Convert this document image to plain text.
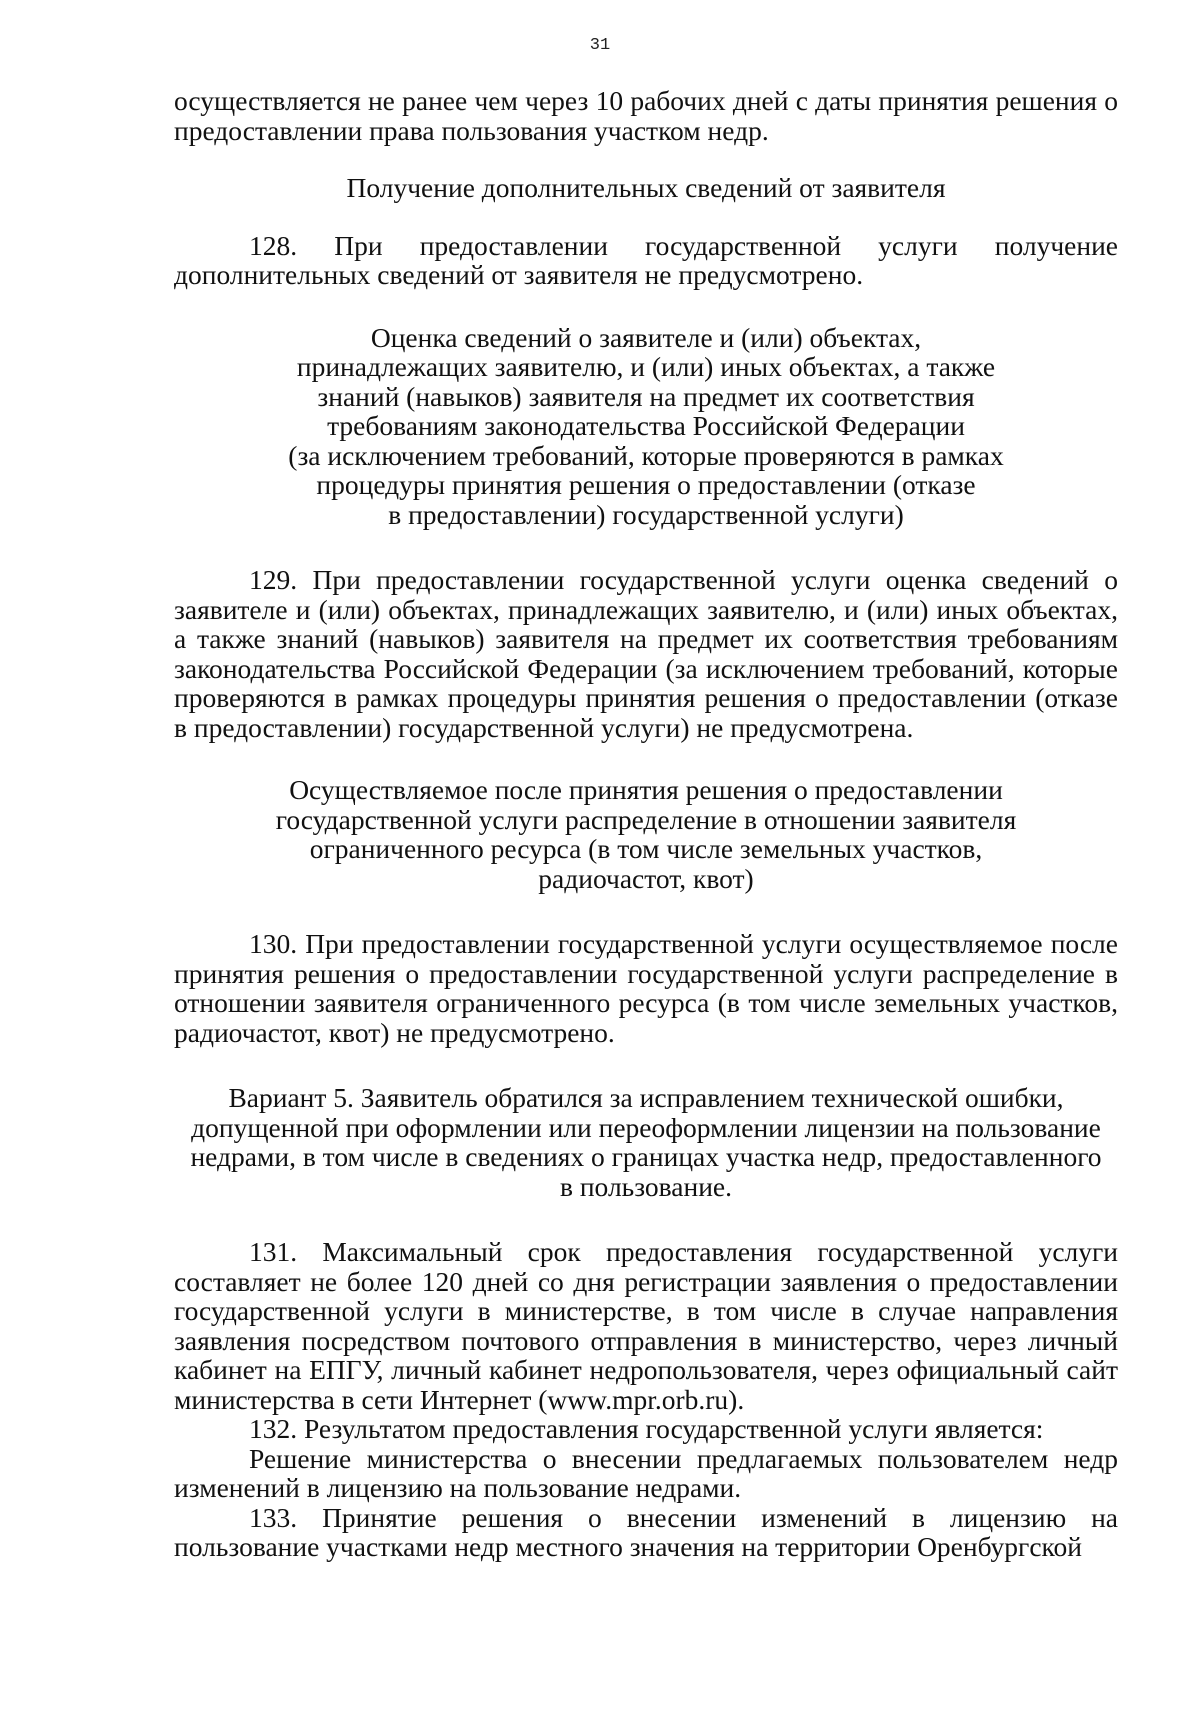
31

осуществляется не ранее чем через 10 рабочих дней с даты принятия решения о предоставлении права пользования участком недр.

Получение дополнительных сведений от заявителя

128. При предоставлении государственной услуги получение дополнительных сведений от заявителя не предусмотрено.

Оценка сведений о заявителе и (или) объектах,
принадлежащих заявителю, и (или) иных объектах, а также
знаний (навыков) заявителя на предмет их соответствия
требованиям законодательства Российской Федерации
(за исключением требований, которые проверяются в рамках
процедуры принятия решения о предоставлении (отказе
в предоставлении) государственной услуги)

129. При предоставлении государственной услуги оценка сведений о заявителе и (или) объектах, принадлежащих заявителю, и (или) иных объектах, а также знаний (навыков) заявителя на предмет их соответствия требованиям законодательства Российской Федерации (за исключением требований, которые проверяются в рамках процедуры принятия решения о предоставлении (отказе в предоставлении) государственной услуги) не предусмотрена.

Осуществляемое после принятия решения о предоставлении
государственной услуги распределение в отношении заявителя
ограниченного ресурса (в том числе земельных участков,
радиочастот, квот)

130. При предоставлении государственной услуги осуществляемое после принятия решения о предоставлении государственной услуги распределение в отношении заявителя ограниченного ресурса (в том числе земельных участков, радиочастот, квот) не предусмотрено.

Вариант 5. Заявитель обратился за исправлением технической ошибки,
допущенной при оформлении или переоформлении лицензии на пользование
недрами, в том числе в сведениях о границах участка недр, предоставленного
в пользование.

131. Максимальный срок предоставления государственной услуги составляет не более 120 дней со дня регистрации заявления о предоставлении государственной услуги в министерстве, в том числе в случае направления заявления посредством почтового отправления в министерство, через личный кабинет на ЕПГУ, личный кабинет недропользователя, через официальный сайт министерства в сети Интернет (www.mpr.orb.ru).

132. Результатом предоставления государственной услуги является:

Решение министерства о внесении предлагаемых пользователем недр изменений в лицензию на пользование недрами.

133. Принятие решения о внесении изменений в лицензию на пользование участками недр местного значения на территории Оренбургской
